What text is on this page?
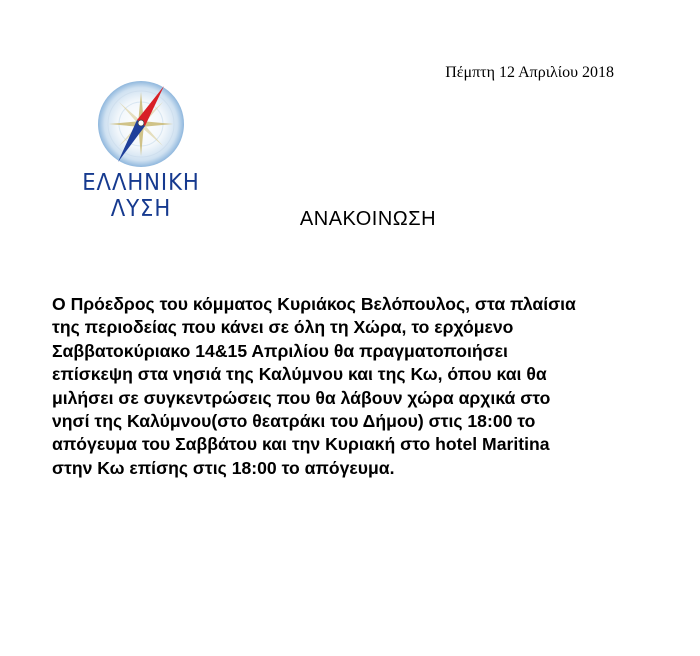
Πέμπτη 12 Απριλίου 2018
ΕΛΛΗΝΙΚΗ
ΛΥΣΗ	ΑΝΑΚΟΙΝΩΣΗ
Ο Πρόεδρος του κόμματος Κυριάκος Βελόπουλος, στα πλαίσια
της περιοδείας που κάνει σε όλη τη Χώρα, το ερχόμενο
Σαββατοκύριακο 14&15 Απριλίου θα πραγματοποιήσει
επίσκεψη στα νησιά της Καλύμνου και της Κω, όπου και θα
μιλήσει σε συγκεντρώσεις που θα λάβουν χώρα αρχικά στο
νησί της Καλύμνου(στο θεατράκι του Δήμου) στις 18:00 το
απόγευμα του Σαββάτου και την Κυριακή στο hotel Maritina
στην Κω επίσης στις 18:00 το απόγευμα.
